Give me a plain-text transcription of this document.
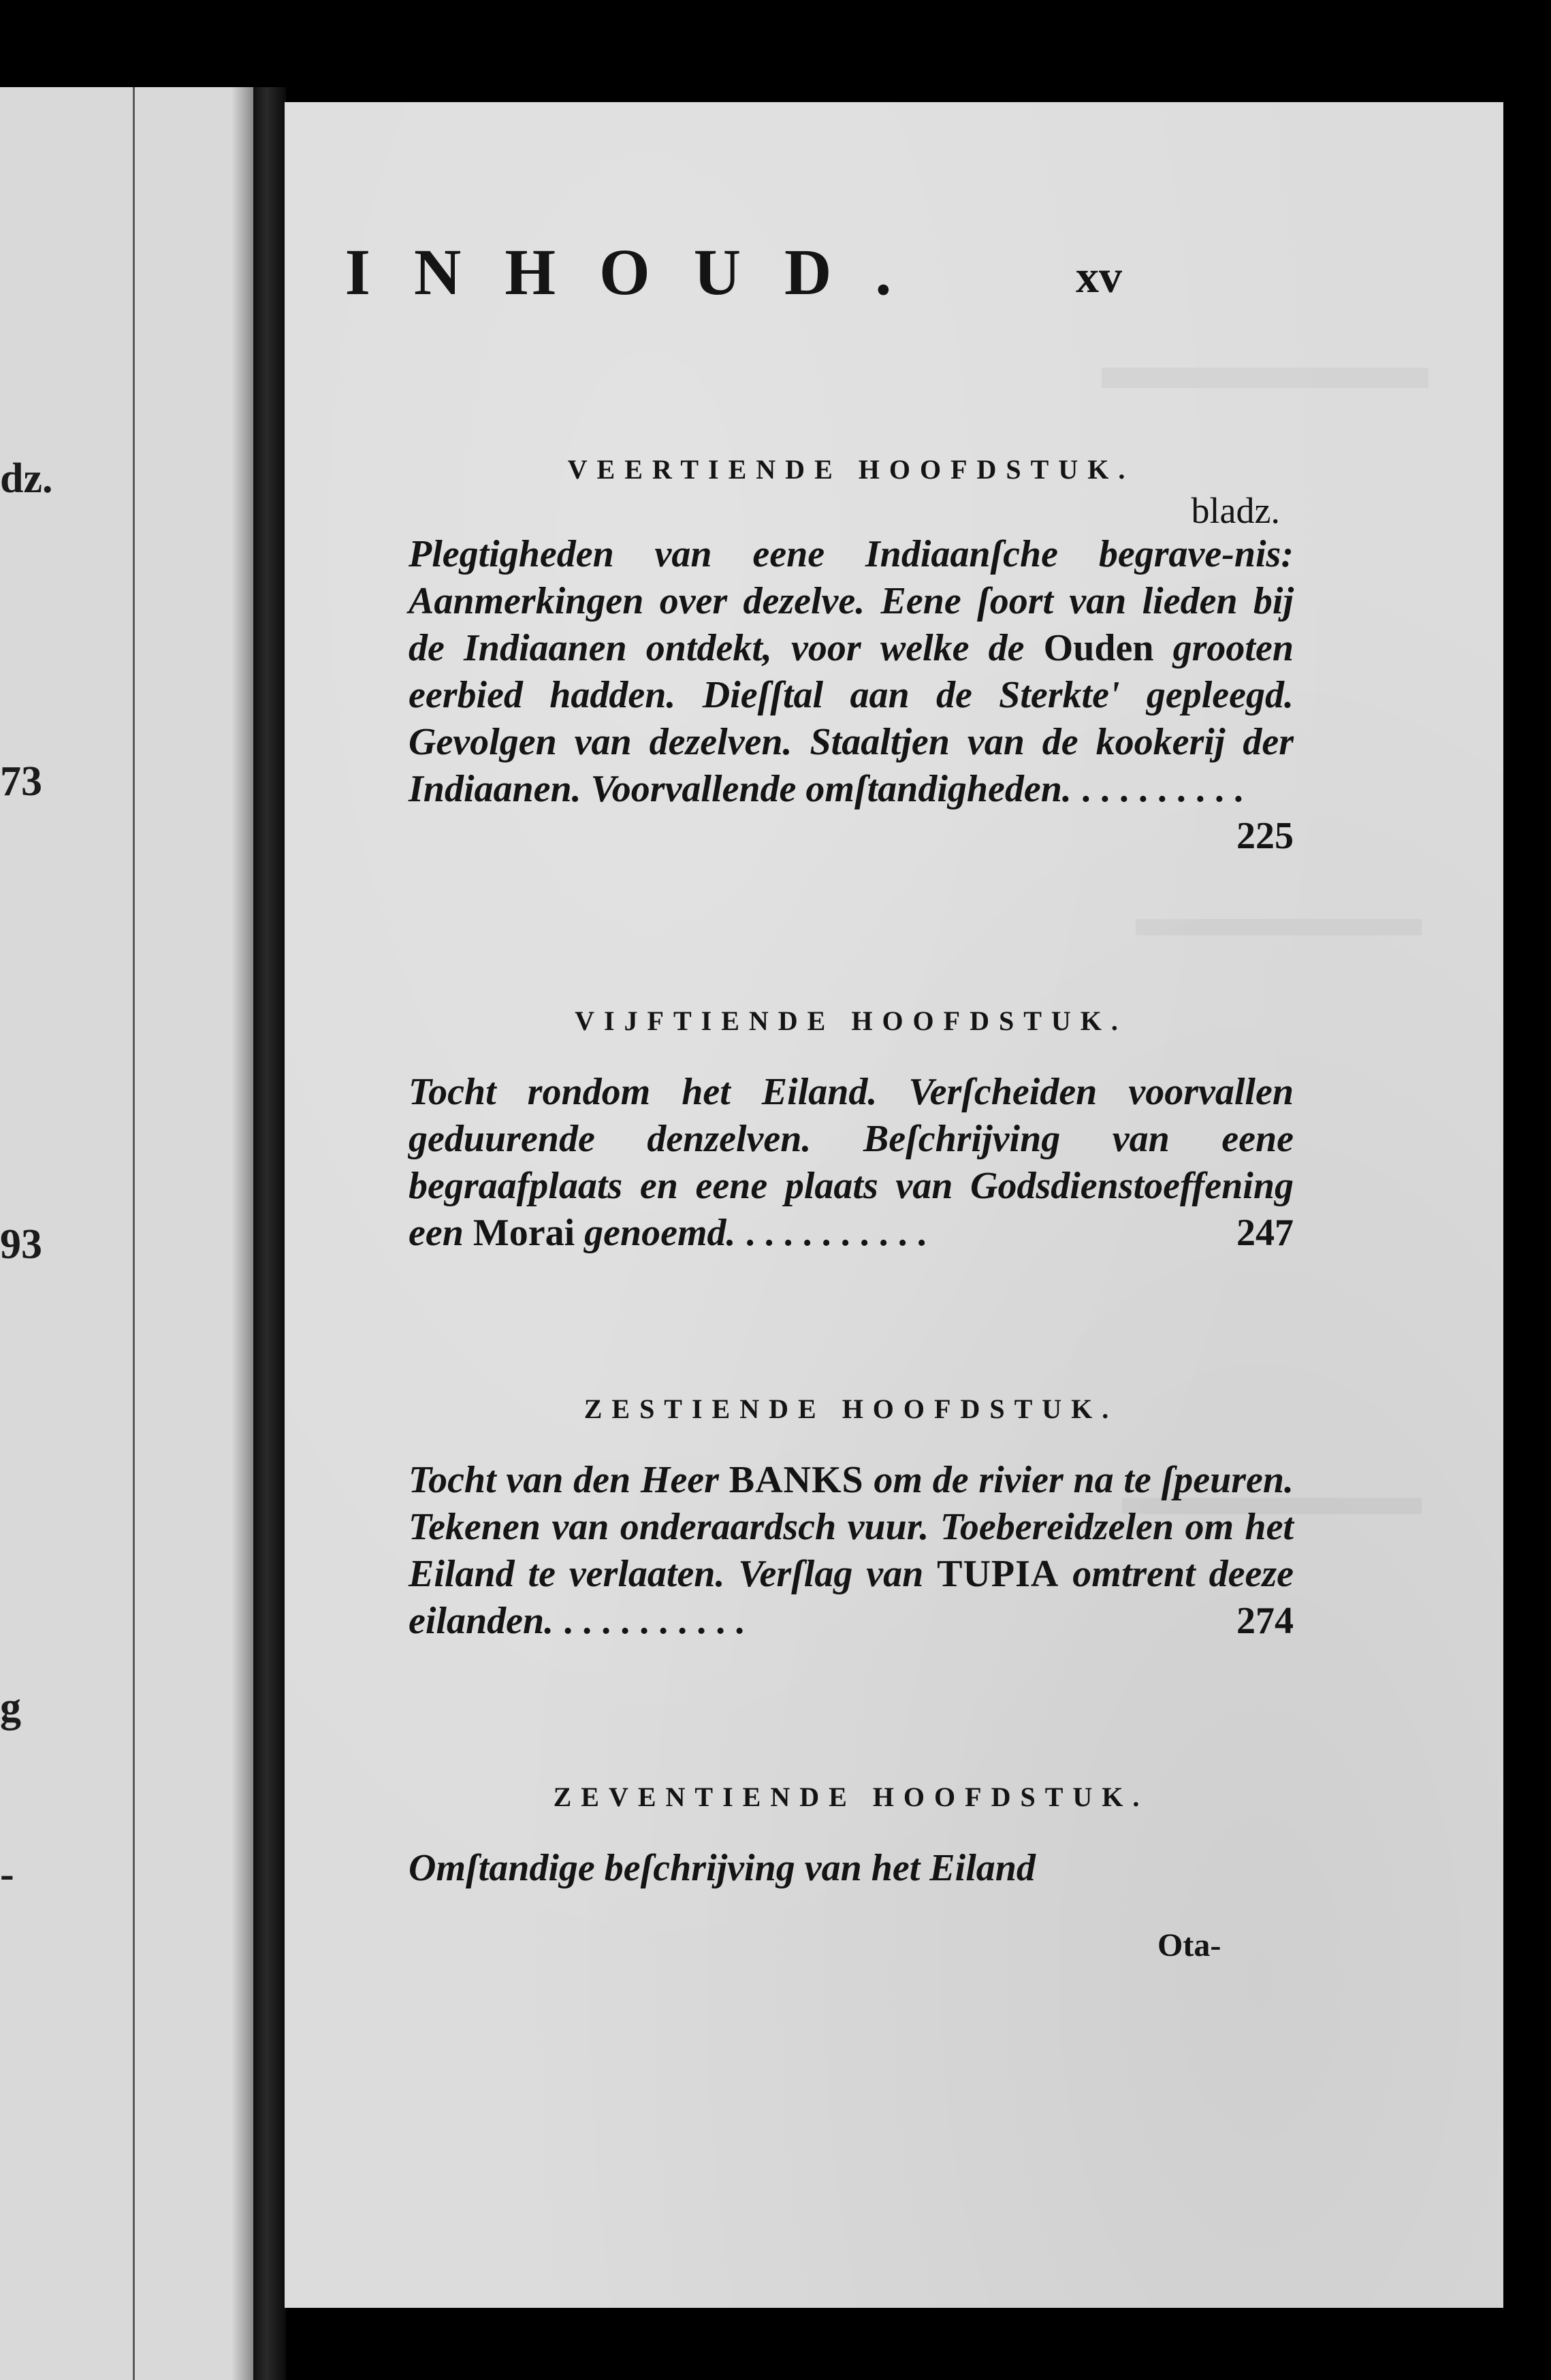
dz.
73
93
g
-
INHOUD.	xv
VEERTIENDE HOOFDSTUK.
bladz.

Plegtigheden van eene Indiaanſche begrave-nis: Aanmerkingen over dezelve. Eene ſoort van lieden bij de Indiaanen ontdekt, voor welke de Ouden grooten eerbied hadden. Dieſſtal aan de Sterkte' gepleegd. Gevolgen van dezelven. Staaltjen van de kookerij der Indiaanen. Voorvallende omſtandigheden. . . . . . . . . .
225

VIJFTIENDE HOOFDSTUK.

Tocht rondom het Eiland. Verſcheiden voorvallen geduurende denzelven. Beſchrijving van eene begraafplaats en eene plaats van Godsdienstoeffening een Morai genoemd. . . . . . . . . . .	247

ZESTIENDE HOOFDSTUK.

Tocht van den Heer BANKS om de rivier na te ſpeuren. Tekenen van onderaardsch vuur. Toebereidzelen om het Eiland te verlaaten. Verſlag van TUPIA omtrent deeze eilanden. . . . . . . . . . .	274

ZEVENTIENDE HOOFDSTUK.

Omſtandige beſchrijving van het Eiland

Ota-
